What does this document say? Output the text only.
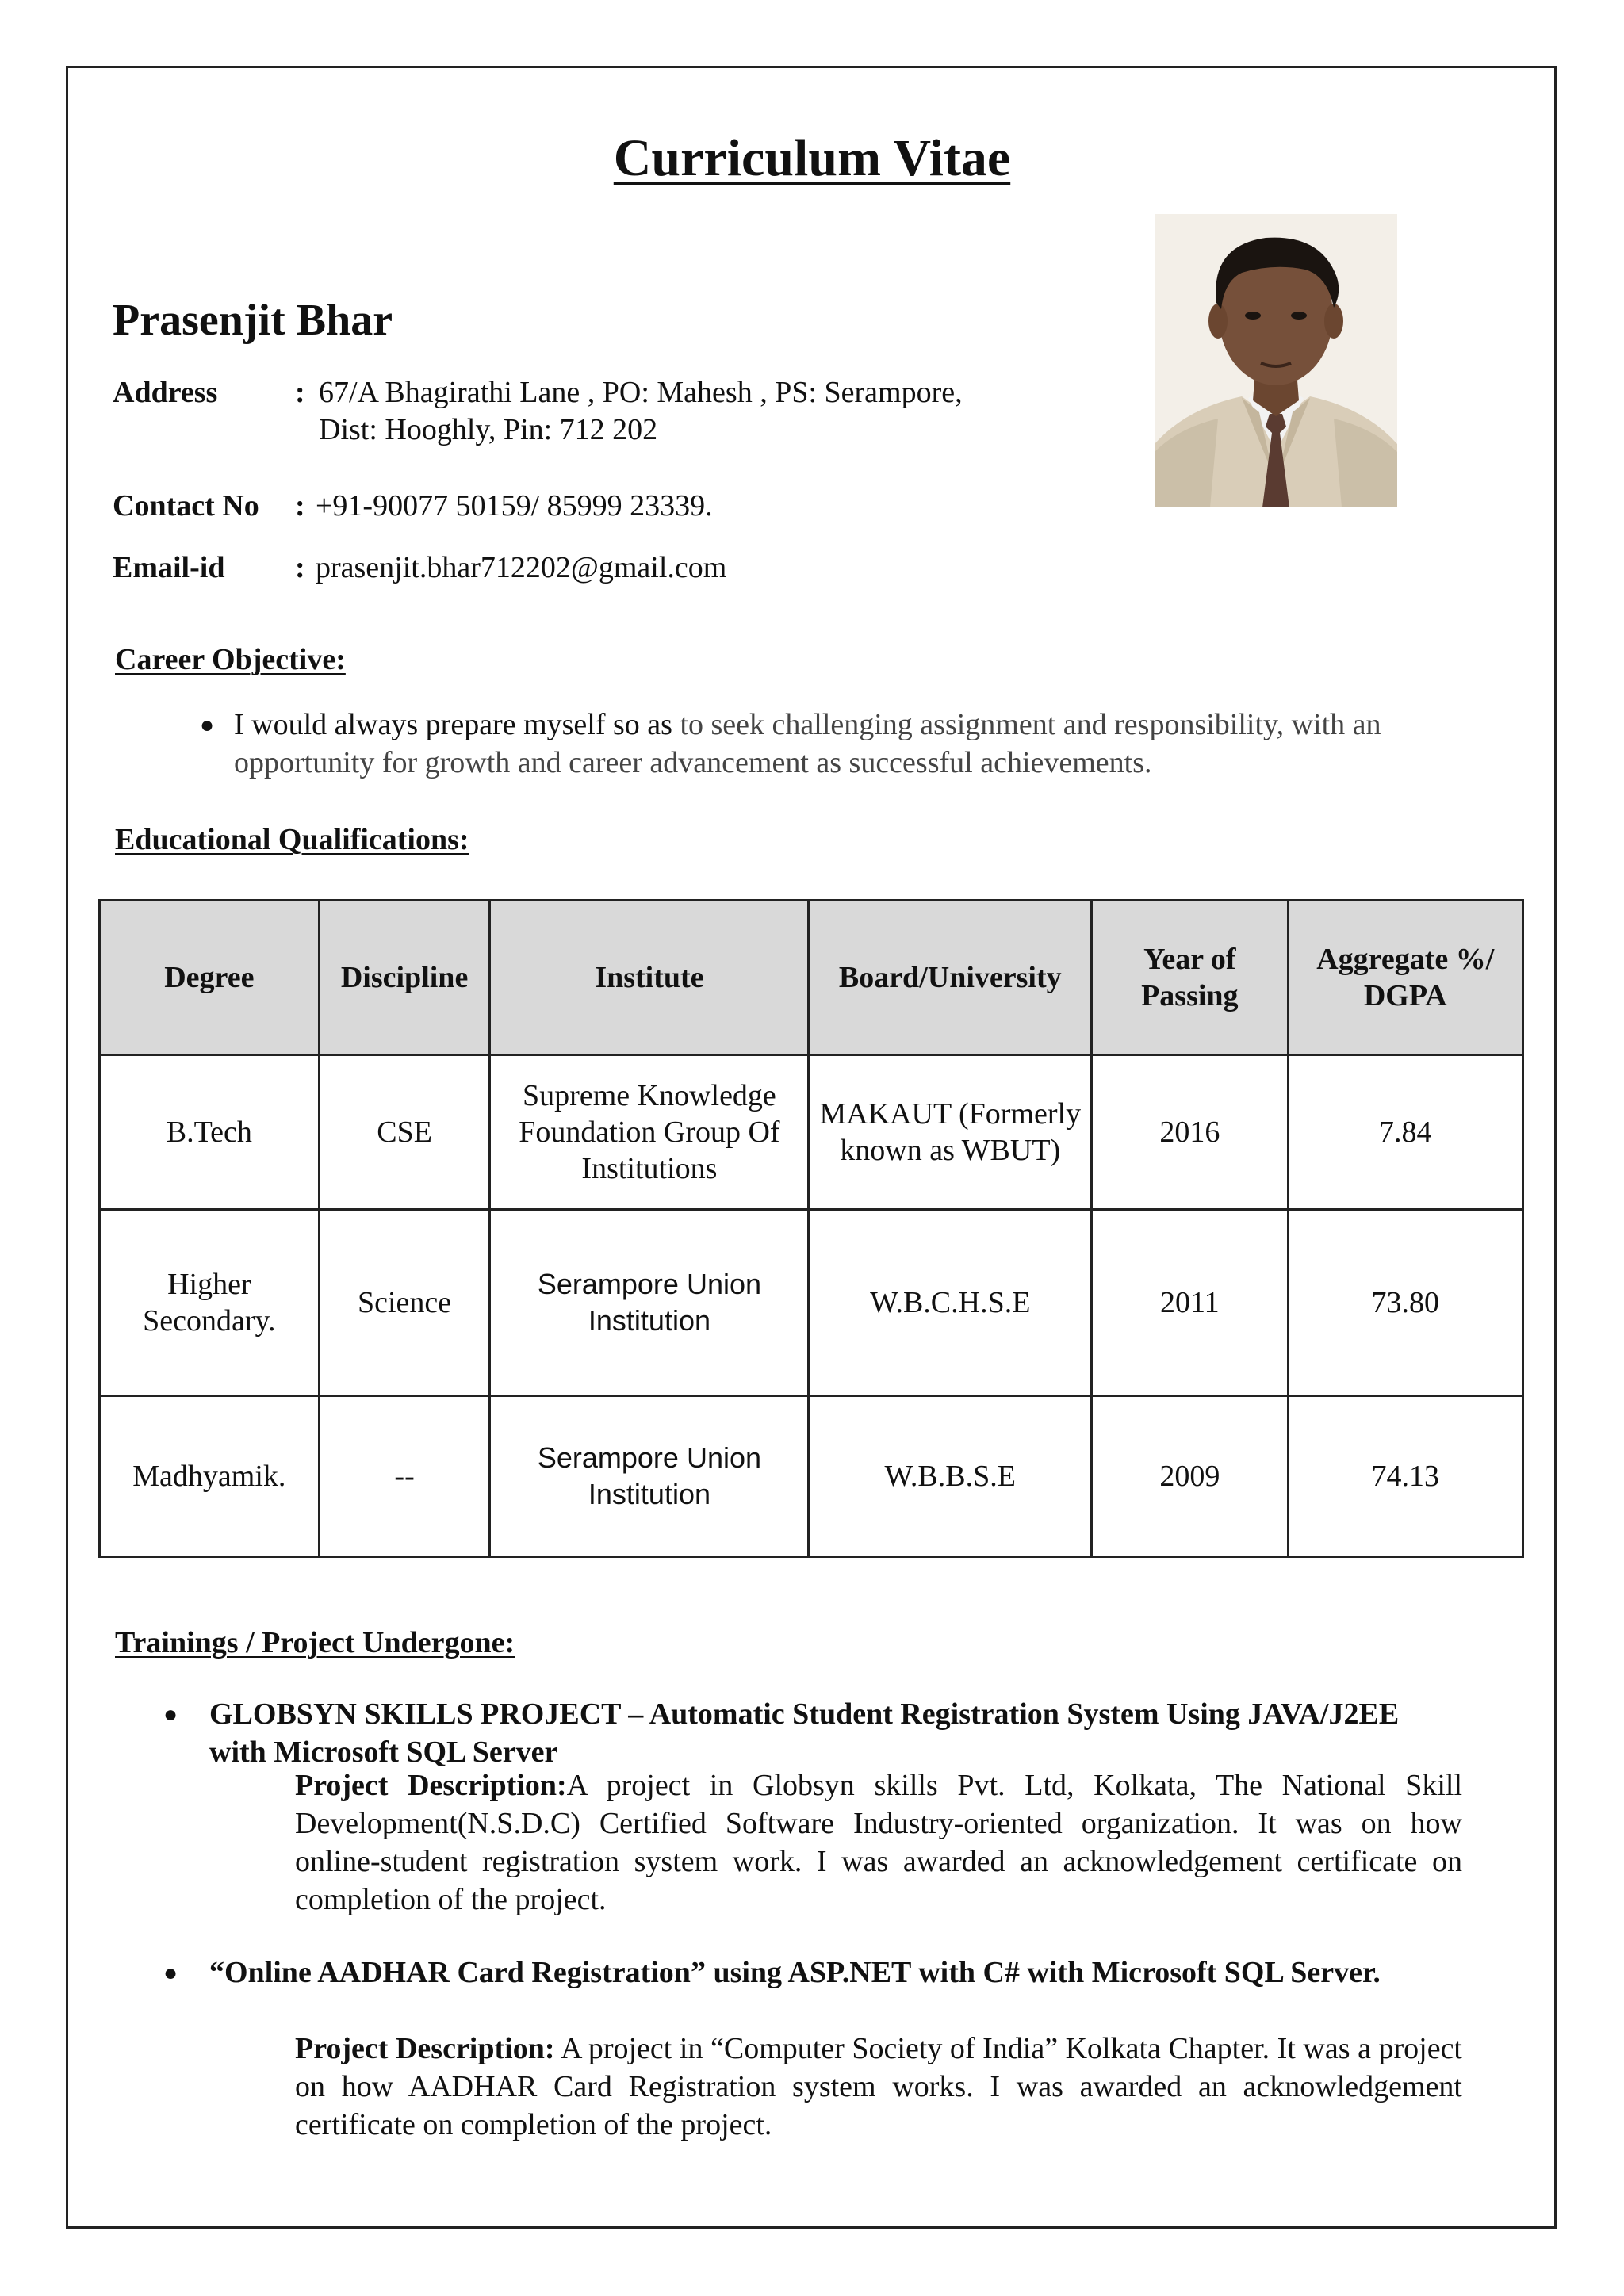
Curriculum Vitae
Prasenjit Bhar
Address	: 67/A Bhagirathi Lane , PO: Mahesh , PS: Serampore,
Dist: Hooghly, Pin: 712 202
Contact No : +91-90077 50159/ 85999 23339.
Email-id : prasenjit.bhar712202@gmail.com
Career Objective:
● I would always prepare myself so as to seek challenging assignment and responsibility, with an opportunity for growth and career advancement as successful achievements.
Educational Qualifications:
Degree	Discipline	Institute	Board/University	Year of Passing	Aggregate %/ DGPA
B.Tech	CSE	Supreme Knowledge Foundation Group Of Institutions	MAKAUT (Formerly known as WBUT)	2016	7.84
Higher Secondary.	Science	Serampore Union Institution	W.B.C.H.S.E	2011	73.80
Madhyamik.	--	Serampore Union Institution	W.B.B.S.E	2009	74.13
Trainings / Project Undergone:
● GLOBSYN SKILLS PROJECT – Automatic Student Registration System Using JAVA/J2EE with Microsoft SQL Server
Project Description:A project in Globsyn skills Pvt. Ltd, Kolkata, The National Skill Development(N.S.D.C) Certified Software Industry-oriented organization. It was on how online-student registration system work. I was awarded an acknowledgement certificate on completion of the project.
● “Online AADHAR Card Registration” using ASP.NET with C# with Microsoft SQL Server.
Project Description: A project in “Computer Society of India” Kolkata Chapter. It was a project on how AADHAR Card Registration system works. I was awarded an acknowledgement certificate on completion of the project.
